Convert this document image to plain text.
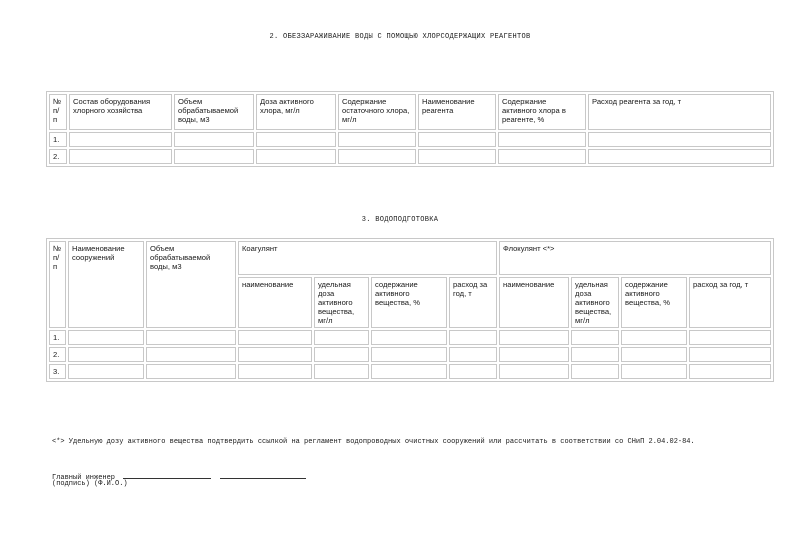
2. ОБЕЗЗАРАЖИВАНИЕ ВОДЫ С ПОМОЩЬЮ ХЛОРСОДЕРЖАЩИХ РЕАГЕНТОВ
№ п/п	Состав оборудования хлорного хозяйства	Объем обрабатываемой воды, м3	Доза активного хлора, мг/л	Содержание остаточного хлора, мг/л	Наименование реагента	Содержание активного хлора в реагенте, %	Расход реагента за год, т
1.							
2.							
3. ВОДОПОДГОТОВКА
№ п/п	Наименование сооружений	Объем обрабатываемой воды, м3	Коагулянт				Флокулянт <*>			
			наименование	удельная доза активного вещества, мг/л	содержание активного вещества, %	расход за год, т	наименование	удельная доза активного вещества, мг/л	содержание активного вещества, %	расход за год, т
1.										
2.										
3.										
<*> Удельную дозу активного вещества подтвердить ссылкой на регламент водопроводных очистных сооружений или рассчитать в соответствии со СНиП 2.04.02-84.
Главный инженер
(подпись) (Ф.И.О.)
